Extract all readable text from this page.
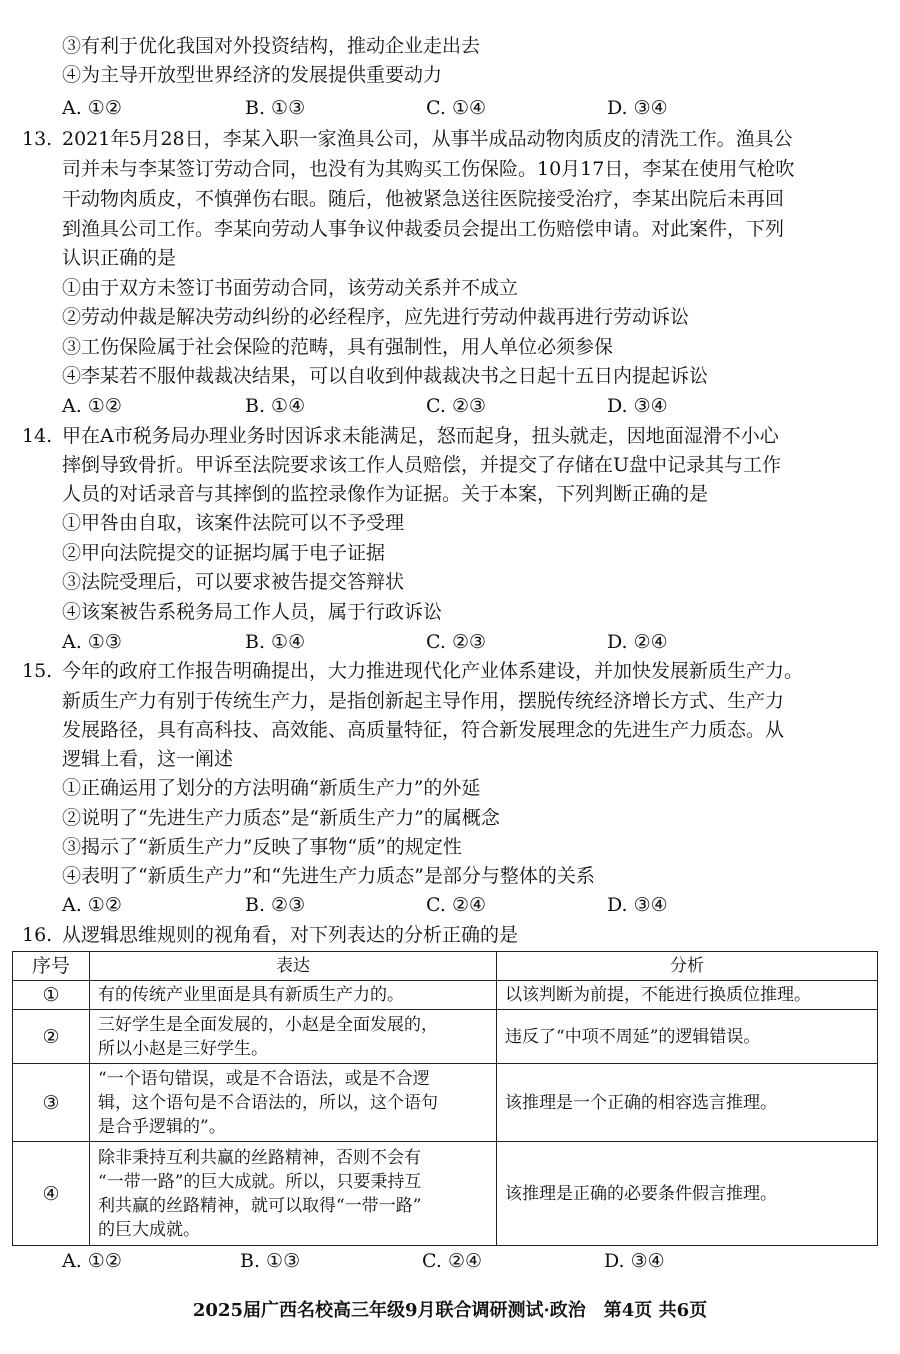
③有利于优化我国对外投资结构，推动企业走出去
④为主导开放型世界经济的发展提供重要动力
A. ①②	B. ①③	C. ①④	D. ③④
13. 2021年5月28日，李某入职一家渔具公司，从事半成品动物肉质皮的清洗工作。渔具公
司并未与李某签订劳动合同，也没有为其购买工伤保险。10月17日，李某在使用气枪吹
干动物肉质皮，不慎弹伤右眼。随后，他被紧急送往医院接受治疗，李某出院后未再回
到渔具公司工作。李某向劳动人事争议仲裁委员会提出工伤赔偿申请。对此案件，下列
认识正确的是
①由于双方未签订书面劳动合同，该劳动关系并不成立
②劳动仲裁是解决劳动纠纷的必经程序，应先进行劳动仲裁再进行劳动诉讼
③工伤保险属于社会保险的范畴，具有强制性，用人单位必须参保
④李某若不服仲裁裁决结果，可以自收到仲裁裁决书之日起十五日内提起诉讼
A. ①②	B. ①④	C. ②③	D. ③④
14. 甲在A市税务局办理业务时因诉求未能满足，怒而起身，扭头就走，因地面湿滑不小心
摔倒导致骨折。甲诉至法院要求该工作人员赔偿，并提交了存储在U盘中记录其与工作
人员的对话录音与其摔倒的监控录像作为证据。关于本案，下列判断正确的是
①甲咎由自取，该案件法院可以不予受理
②甲向法院提交的证据均属于电子证据
③法院受理后，可以要求被告提交答辩状
④该案被告系税务局工作人员，属于行政诉讼
A. ①③	B. ①④	C. ②③	D. ②④
15. 今年的政府工作报告明确提出，大力推进现代化产业体系建设，并加快发展新质生产力。
新质生产力有别于传统生产力，是指创新起主导作用，摆脱传统经济增长方式、生产力
发展路径，具有高科技、高效能、高质量特征，符合新发展理念的先进生产力质态。从
逻辑上看，这一阐述
①正确运用了划分的方法明确“新质生产力”的外延
②说明了“先进生产力质态”是“新质生产力”的属概念
③揭示了“新质生产力”反映了事物“质”的规定性
④表明了“新质生产力”和“先进生产力质态”是部分与整体的关系
A. ①②	B. ②③	C. ②④	D. ③④
16. 从逻辑思维规则的视角看，对下列表达的分析正确的是
序号	表达	分析
①	有的传统产业里面是具有新质生产力的。	以该判断为前提，不能进行换质位推理。
②	三好学生是全面发展的，小赵是全面发展的，
所以小赵是三好学生。	违反了“中项不周延”的逻辑错误。
③	“一个语句错误，或是不合语法，或是不合逻
辑，这个语句是不合语法的，所以，这个语句
是合乎逻辑的”。	该推理是一个正确的相容选言推理。
④	除非秉持互利共赢的丝路精神，否则不会有
“一带一路”的巨大成就。所以，只要秉持互
利共赢的丝路精神，就可以取得“一带一路”
的巨大成就。	该推理是正确的必要条件假言推理。
A. ①②	B. ①③	C. ②④	D. ③④
2025届广西名校高三年级9月联合调研测试·政治　第4页 共6页
